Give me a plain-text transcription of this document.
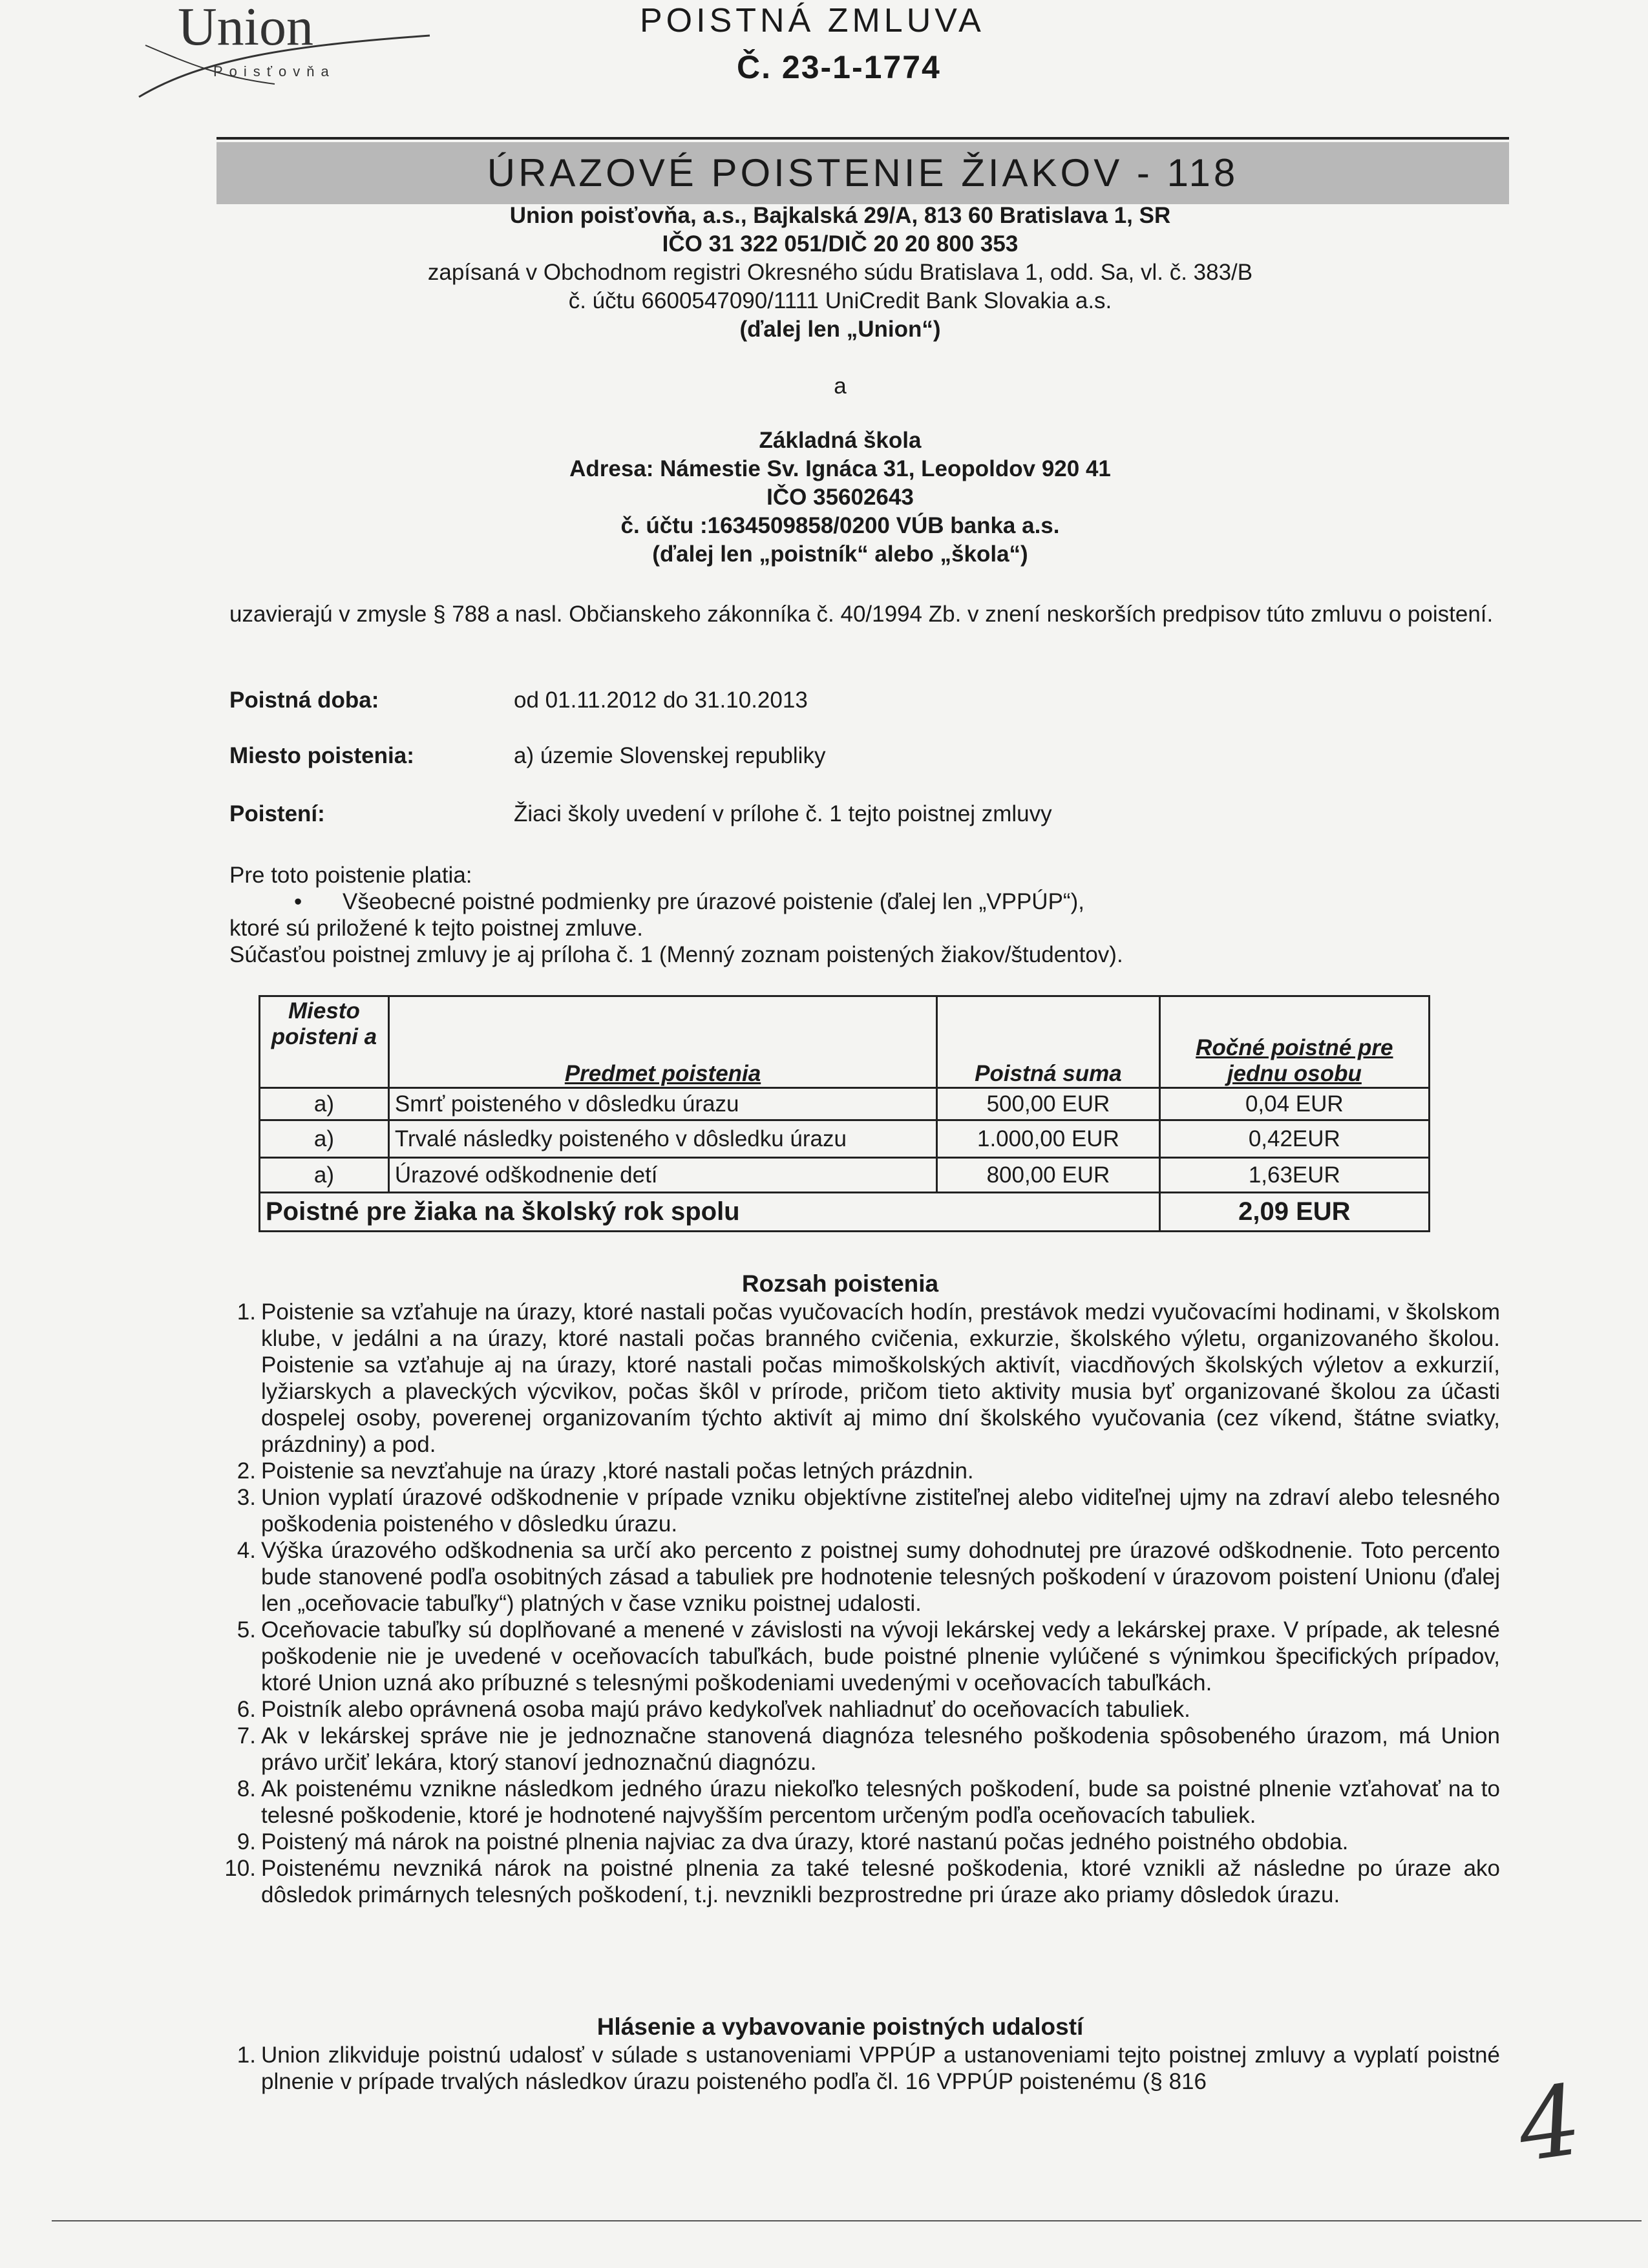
Union
Poisťovňa
POISTNÁ ZMLUVA
Č. 23-1-1774
ÚRAZOVÉ POISTENIE ŽIAKOV - 118
Union poisťovňa, a.s., Bajkalská 29/A, 813 60 Bratislava 1, SR
IČO 31 322 051/DIČ 20 20 800 353
zapísaná v Obchodnom registri Okresného súdu Bratislava 1, odd. Sa, vl. č. 383/B
č. účtu 6600547090/1111 UniCredit Bank Slovakia a.s.
(ďalej len „Union“)
a
Základná škola
Adresa: Námestie Sv. Ignáca 31, Leopoldov 920 41
IČO 35602643
č. účtu :1634509858/0200 VÚB banka a.s.
(ďalej len „poistník“ alebo „škola“)
uzavierajú v zmysle § 788 a nasl. Občianskeho zákonníka č. 40/1994 Zb. v znení neskorších predpisov túto zmluvu o poistení.
Poistná doba:	od 01.11.2012 do 31.10.2013
Miesto poistenia:	a) územie Slovenskej republiky
Poistení:	Žiaci školy uvedení v prílohe č. 1 tejto poistnej zmluvy
Pre toto poistenie platia:
• Všeobecné poistné podmienky pre úrazové poistenie (ďalej len „VPPÚP“),
ktoré sú priložené k tejto poistnej zmluve.
Súčasťou poistnej zmluvy je aj príloha č. 1 (Menný zoznam poistených žiakov/študentov).
Miesto poisteni a	Predmet poistenia	Poistná suma	Ročné poistné pre jednu osobu
a)	Smrť poisteného v dôsledku úrazu	500,00 EUR	0,04 EUR
a)	Trvalé následky poisteného v dôsledku úrazu	1.000,00 EUR	0,42EUR
a)	Úrazové odškodnenie detí	800,00 EUR	1,63EUR
Poistné pre žiaka na školský rok spolu			2,09 EUR
Rozsah poistenia
1. Poistenie sa vzťahuje na úrazy, ktoré nastali počas vyučovacích hodín, prestávok medzi vyučovacími hodinami, v školskom klube, v jedálni a na úrazy, ktoré nastali počas branného cvičenia, exkurzie, školského výletu, organizovaného školou. Poistenie sa vzťahuje aj na úrazy, ktoré nastali počas mimoškolských aktivít, viacdňových školských výletov a exkurzií, lyžiarskych a plaveckých výcvikov, počas škôl v prírode, pričom tieto aktivity musia byť organizované školou za účasti dospelej osoby, poverenej organizovaním týchto aktivít aj mimo dní školského vyučovania (cez víkend, štátne sviatky, prázdniny) a pod.
2. Poistenie sa nevzťahuje na úrazy ,ktoré nastali počas letných prázdnin.
3. Union vyplatí úrazové odškodnenie v prípade vzniku objektívne zistiteľnej alebo viditeľnej ujmy na zdraví alebo telesného poškodenia poisteného v dôsledku úrazu.
4. Výška úrazového odškodnenia sa určí ako percento z poistnej sumy dohodnutej pre úrazové odškodnenie. Toto percento bude stanovené podľa osobitných zásad a tabuliek pre hodnotenie telesných poškodení v úrazovom poistení Unionu (ďalej len „oceňovacie tabuľky“) platných v čase vzniku poistnej udalosti.
5. Oceňovacie tabuľky sú doplňované a menené v závislosti na vývoji lekárskej vedy a lekárskej praxe. V prípade, ak telesné poškodenie nie je uvedené v oceňovacích tabuľkách, bude poistné plnenie vylúčené s výnimkou špecifických prípadov, ktoré Union uzná ako príbuzné s telesnými poškodeniami uvedenými v oceňovacích tabuľkách.
6. Poistník alebo oprávnená osoba majú právo kedykoľvek nahliadnuť do oceňovacích tabuliek.
7. Ak v lekárskej správe nie je jednoznačne stanovená diagnóza telesného poškodenia spôsobeného úrazom, má Union právo určiť lekára, ktorý stanoví jednoznačnú diagnózu.
8. Ak poistenému vznikne následkom jedného úrazu niekoľko telesných poškodení, bude sa poistné plnenie vzťahovať na to telesné poškodenie, ktoré je hodnotené najvyšším percentom určeným podľa oceňovacích tabuliek.
9. Poistený má nárok na poistné plnenia najviac za dva úrazy, ktoré nastanú počas jedného poistného obdobia.
10. Poistenému nevzniká nárok na poistné plnenia za také telesné poškodenia, ktoré vznikli až následne po úraze ako dôsledok primárnych telesných poškodení, t.j. nevznikli bezprostredne pri úraze ako priamy dôsledok úrazu.
Hlásenie a vybavovanie poistných udalostí
1. Union zlikviduje poistnú udalosť v súlade s ustanoveniami VPPÚP a ustanoveniami tejto poistnej zmluvy a vyplatí poistné plnenie v prípade trvalých následkov úrazu poisteného podľa čl. 16 VPPÚP poistenému (§ 816	4
